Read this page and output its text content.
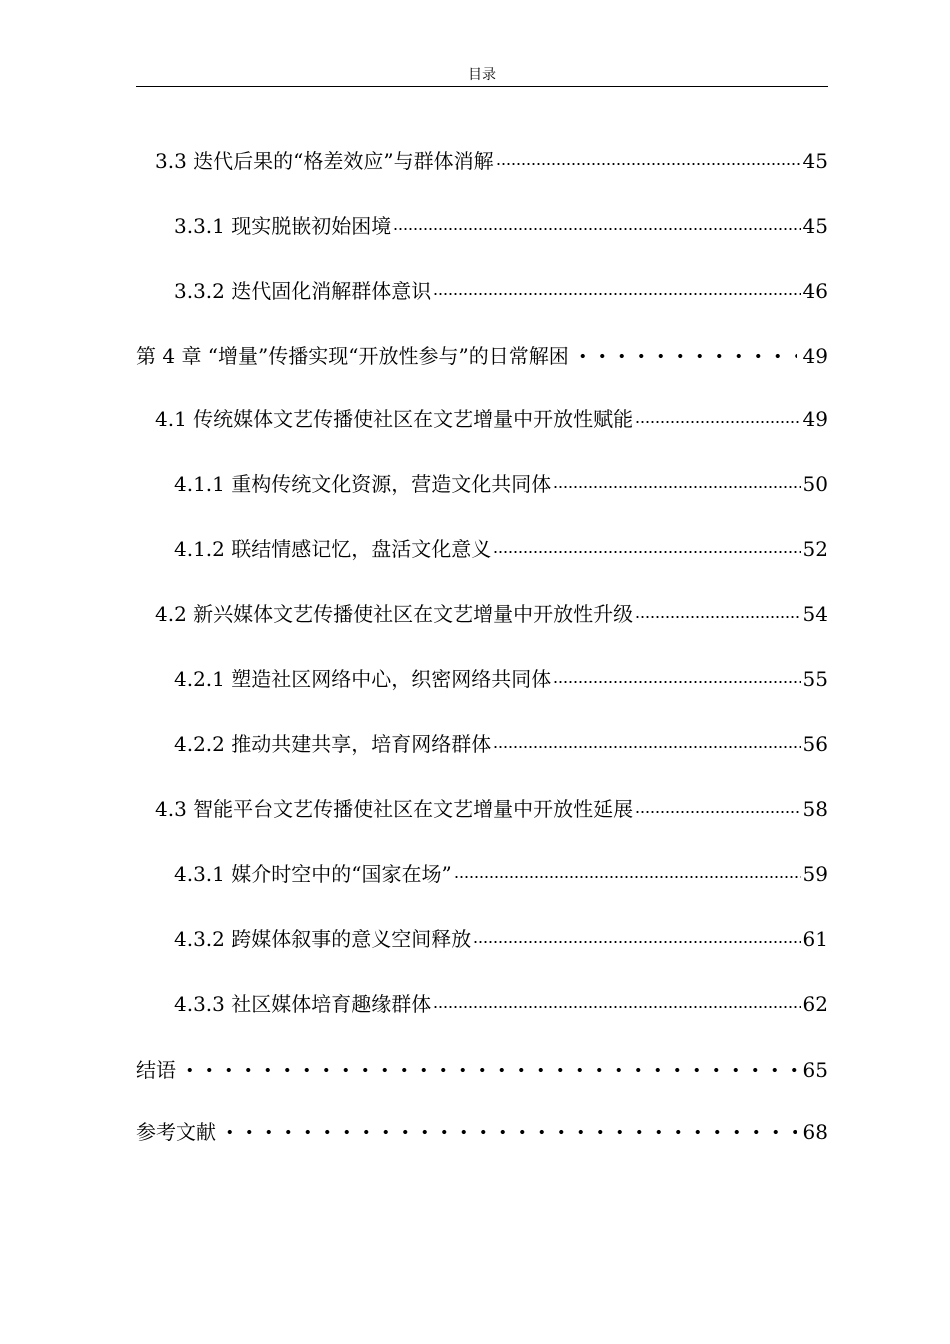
目录
3.3 迭代后果的“格差效应”与群体消解	45
3.3.1 现实脱嵌初始困境	45
3.3.2 迭代固化消解群体意识	46
第 4 章 “增量”传播实现“开放性参与”的日常解困	49
4.1 传统媒体文艺传播使社区在文艺增量中开放性赋能	49
4.1.1 重构传统文化资源，营造文化共同体	50
4.1.2 联结情感记忆，盘活文化意义	52
4.2 新兴媒体文艺传播使社区在文艺增量中开放性升级	54
4.2.1 塑造社区网络中心，织密网络共同体	55
4.2.2 推动共建共享，培育网络群体	56
4.3 智能平台文艺传播使社区在文艺增量中开放性延展	58
4.3.1 媒介时空中的“国家在场”	59
4.3.2 跨媒体叙事的意义空间释放	61
4.3.3 社区媒体培育趣缘群体	62
结语	65
参考文献	68
